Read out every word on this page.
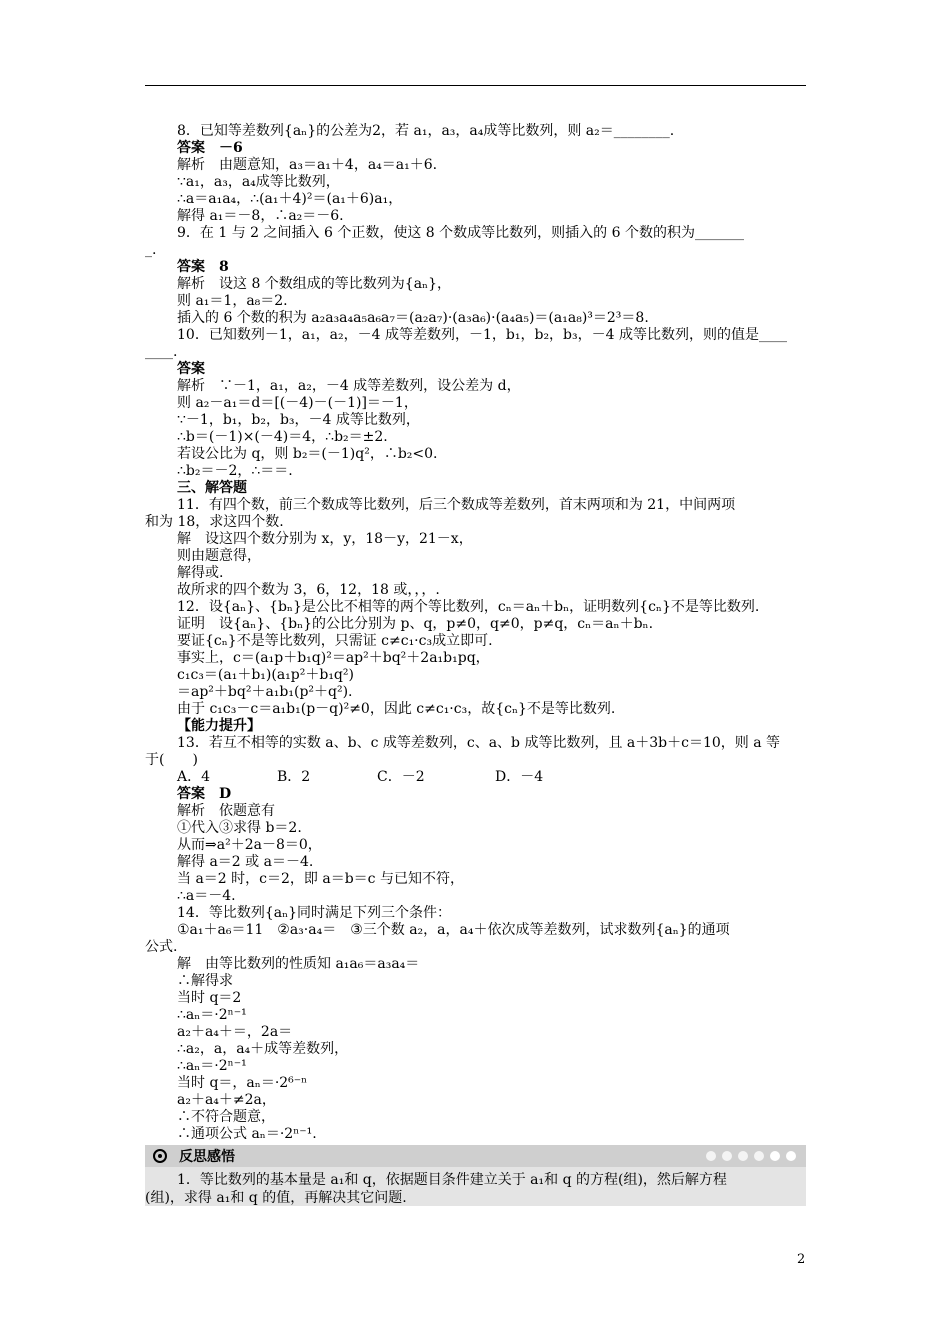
8．已知等差数列{aₙ}的公差为2，若 a₁，a₃，a₄成等比数列，则 a₂＝________.
答案　－6
解析　由题意知，a₃＝a₁＋4，a₄＝a₁＋6.
∵a₁，a₃，a₄成等比数列，
∴a＝a₁a₄，∴(a₁＋4)²＝(a₁＋6)a₁，
解得 a₁＝－8，∴a₂＝－6.
9．在 1 与 2 之间插入 6 个正数，使这 8 个数成等比数列，则插入的 6 个数的积为_______
_.
答案　8
解析　设这 8 个数组成的等比数列为{aₙ}，
则 a₁＝1，a₈＝2.
插入的 6 个数的积为 a₂a₃a₄a₅a₆a₇＝(a₂a₇)·(a₃a₆)·(a₄a₅)＝(a₁a₈)³＝2³＝8.
10．已知数列－1，a₁，a₂，－4 成等差数列，－1，b₁，b₂，b₃，－4 成等比数列，则的值是____
____.
答案
解析　∵－1，a₁，a₂，－4 成等差数列，设公差为 d，
则 a₂－a₁＝d＝[(－4)－(－1)]＝－1，
∵－1，b₁，b₂，b₃，－4 成等比数列，
∴b＝(－1)×(－4)＝4，∴b₂＝±2.
若设公比为 q，则 b₂＝(－1)q²，∴b₂<0.
∴b₂＝－2，∴＝＝.
三、解答题
11．有四个数，前三个数成等比数列，后三个数成等差数列，首末两项和为 21，中间两项
和为 18，求这四个数.
解　设这四个数分别为 x，y，18－y，21－x，
则由题意得，
解得或.
故所求的四个数为 3，6，12，18 或，，，.
12．设{aₙ}、{bₙ}是公比不相等的两个等比数列，cₙ＝aₙ＋bₙ，证明数列{cₙ}不是等比数列.
证明　设{aₙ}、{bₙ}的公比分别为 p、q，p≠0，q≠0，p≠q，cₙ＝aₙ＋bₙ.
要证{cₙ}不是等比数列，只需证 c≠c₁·c₃成立即可.
事实上，c＝(a₁p＋b₁q)²＝ap²＋bq²＋2a₁b₁pq，
c₁c₃＝(a₁＋b₁)(a₁p²＋b₁q²)
＝ap²＋bq²＋a₁b₁(p²＋q²).
由于 c₁c₃－c＝a₁b₁(p－q)²≠0，因此 c≠c₁·c₃，故{cₙ}不是等比数列.
【能力提升】
13．若互不相等的实数 a、b、c 成等差数列，c、a、b 成等比数列，且 a＋3b＋c＝10，则 a 等
于(　　)
A．4	B．2	C．－2	D．－4
答案　D
解析　依题意有
①代入③求得 b＝2.
从而⇒a²＋2a－8＝0，
解得 a＝2 或 a＝－4.
当 a＝2 时，c＝2，即 a＝b＝c 与已知不符，
∴a＝－4.
14．等比数列{aₙ}同时满足下列三个条件：
①a₁＋a₆＝11　②a₃·a₄＝　③三个数 a₂，a，a₄＋依次成等差数列，试求数列{aₙ}的通项
公式.
解　由等比数列的性质知 a₁a₆＝a₃a₄＝
∴解得求
当时 q＝2
∴aₙ＝·2ⁿ⁻¹
a₂＋a₄＋＝，2a＝
∴a₂，a，a₄＋成等差数列，
∴aₙ＝·2ⁿ⁻¹
当时 q＝，aₙ＝·2⁶⁻ⁿ
a₂＋a₄＋≠2a，
∴不符合题意，
∴通项公式 aₙ＝·2ⁿ⁻¹.
反思感悟
1．等比数列的基本量是 a₁和 q，依据题目条件建立关于 a₁和 q 的方程(组)，然后解方程
(组)，求得 a₁和 q 的值，再解决其它问题.
2
